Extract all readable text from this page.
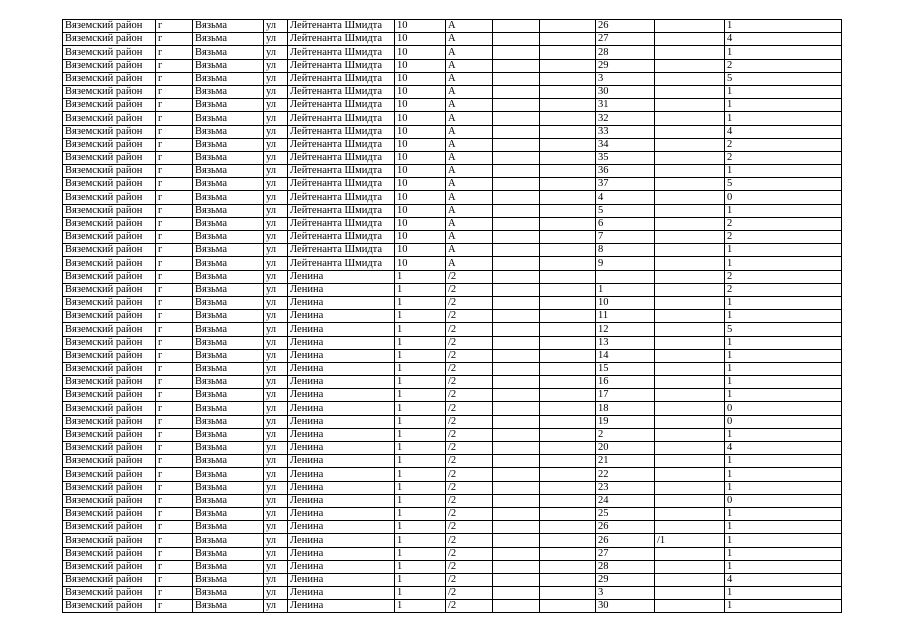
Вяземский район	г	Вязьма	ул	Лейтенанта Шмидта	10	А			26		1
Вяземский район	г	Вязьма	ул	Лейтенанта Шмидта	10	А			27		4
Вяземский район	г	Вязьма	ул	Лейтенанта Шмидта	10	А			28		1
Вяземский район	г	Вязьма	ул	Лейтенанта Шмидта	10	А			29		2
Вяземский район	г	Вязьма	ул	Лейтенанта Шмидта	10	А			3		5
Вяземский район	г	Вязьма	ул	Лейтенанта Шмидта	10	А			30		1
Вяземский район	г	Вязьма	ул	Лейтенанта Шмидта	10	А			31		1
Вяземский район	г	Вязьма	ул	Лейтенанта Шмидта	10	А			32		1
Вяземский район	г	Вязьма	ул	Лейтенанта Шмидта	10	А			33		4
Вяземский район	г	Вязьма	ул	Лейтенанта Шмидта	10	А			34		2
Вяземский район	г	Вязьма	ул	Лейтенанта Шмидта	10	А			35		2
Вяземский район	г	Вязьма	ул	Лейтенанта Шмидта	10	А			36		1
Вяземский район	г	Вязьма	ул	Лейтенанта Шмидта	10	А			37		5
Вяземский район	г	Вязьма	ул	Лейтенанта Шмидта	10	А			4		0
Вяземский район	г	Вязьма	ул	Лейтенанта Шмидта	10	А			5		1
Вяземский район	г	Вязьма	ул	Лейтенанта Шмидта	10	А			6		2
Вяземский район	г	Вязьма	ул	Лейтенанта Шмидта	10	А			7		2
Вяземский район	г	Вязьма	ул	Лейтенанта Шмидта	10	А			8		1
Вяземский район	г	Вязьма	ул	Лейтенанта Шмидта	10	А			9		1
Вяземский район	г	Вязьма	ул	Ленина	1	/2					2
Вяземский район	г	Вязьма	ул	Ленина	1	/2			1		2
Вяземский район	г	Вязьма	ул	Ленина	1	/2			10		1
Вяземский район	г	Вязьма	ул	Ленина	1	/2			11		1
Вяземский район	г	Вязьма	ул	Ленина	1	/2			12		5
Вяземский район	г	Вязьма	ул	Ленина	1	/2			13		1
Вяземский район	г	Вязьма	ул	Ленина	1	/2			14		1
Вяземский район	г	Вязьма	ул	Ленина	1	/2			15		1
Вяземский район	г	Вязьма	ул	Ленина	1	/2			16		1
Вяземский район	г	Вязьма	ул	Ленина	1	/2			17		1
Вяземский район	г	Вязьма	ул	Ленина	1	/2			18		0
Вяземский район	г	Вязьма	ул	Ленина	1	/2			19		0
Вяземский район	г	Вязьма	ул	Ленина	1	/2			2		1
Вяземский район	г	Вязьма	ул	Ленина	1	/2			20		4
Вяземский район	г	Вязьма	ул	Ленина	1	/2			21		1
Вяземский район	г	Вязьма	ул	Ленина	1	/2			22		1
Вяземский район	г	Вязьма	ул	Ленина	1	/2			23		1
Вяземский район	г	Вязьма	ул	Ленина	1	/2			24		0
Вяземский район	г	Вязьма	ул	Ленина	1	/2			25		1
Вяземский район	г	Вязьма	ул	Ленина	1	/2			26		1
Вяземский район	г	Вязьма	ул	Ленина	1	/2			26	/1	1
Вяземский район	г	Вязьма	ул	Ленина	1	/2			27		1
Вяземский район	г	Вязьма	ул	Ленина	1	/2			28		1
Вяземский район	г	Вязьма	ул	Ленина	1	/2			29		4
Вяземский район	г	Вязьма	ул	Ленина	1	/2			3		1
Вяземский район	г	Вязьма	ул	Ленина	1	/2			30		1
